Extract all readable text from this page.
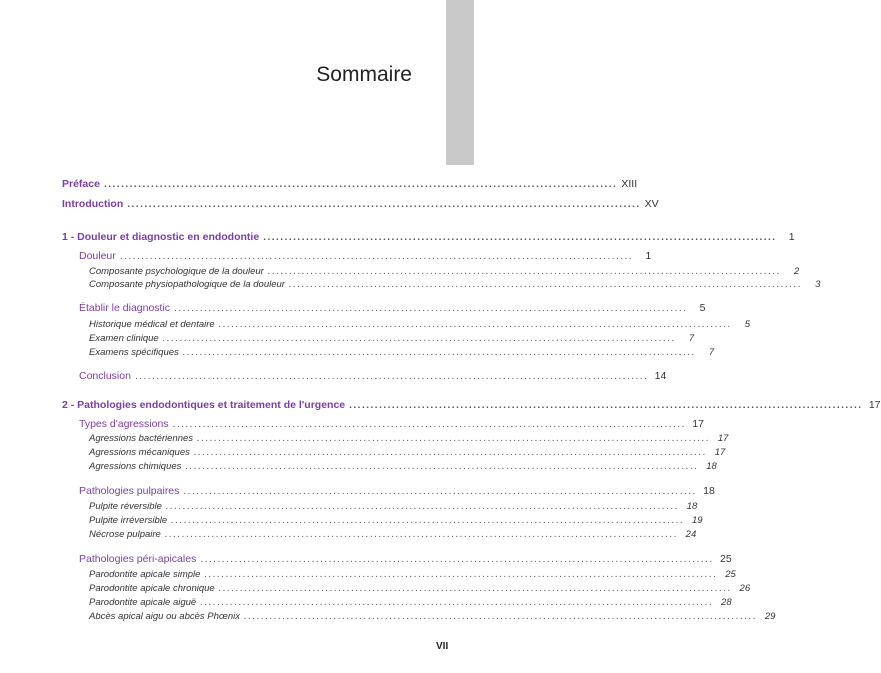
Sommaire
Préface ........................................................................................................................ XIII
Introduction ........................................................................................................................ XV
1 - Douleur et diagnostic en endodontie ........................................................................................................................	1
Douleur ........................................................................................................................	1
Composante psychologique de la douleur ........................................................................................................................	2
Composante physiopathologique de la douleur ........................................................................................................................	3
Établir le diagnostic ........................................................................................................................	5
Historique médical et dentaire ........................................................................................................................	5
Examen clinique ........................................................................................................................	7
Examens spécifiques ........................................................................................................................	7
Conclusion ........................................................................................................................ 14
2 - Pathologies endodontiques et traitement de l'urgence ........................................................................................................................ 17
Types d'agressions ........................................................................................................................ 17
Agressions bactériennes ........................................................................................................................ 17
Agressions mécaniques ........................................................................................................................ 17
Agressions chimiques ........................................................................................................................ 18
Pathologies pulpaires ........................................................................................................................ 18
Pulpite réversible ........................................................................................................................ 18
Pulpite irréversible ........................................................................................................................ 19
Nécrose pulpaire ........................................................................................................................ 24
Pathologies péri-apicales ........................................................................................................................ 25
Parodontite apicale simple ........................................................................................................................ 25
Parodontite apicale chronique ........................................................................................................................ 26
Parodontite apicale aiguë ........................................................................................................................ 28
Abcès apical aigu ou abcès Phœnix ........................................................................................................................ 29
VII
